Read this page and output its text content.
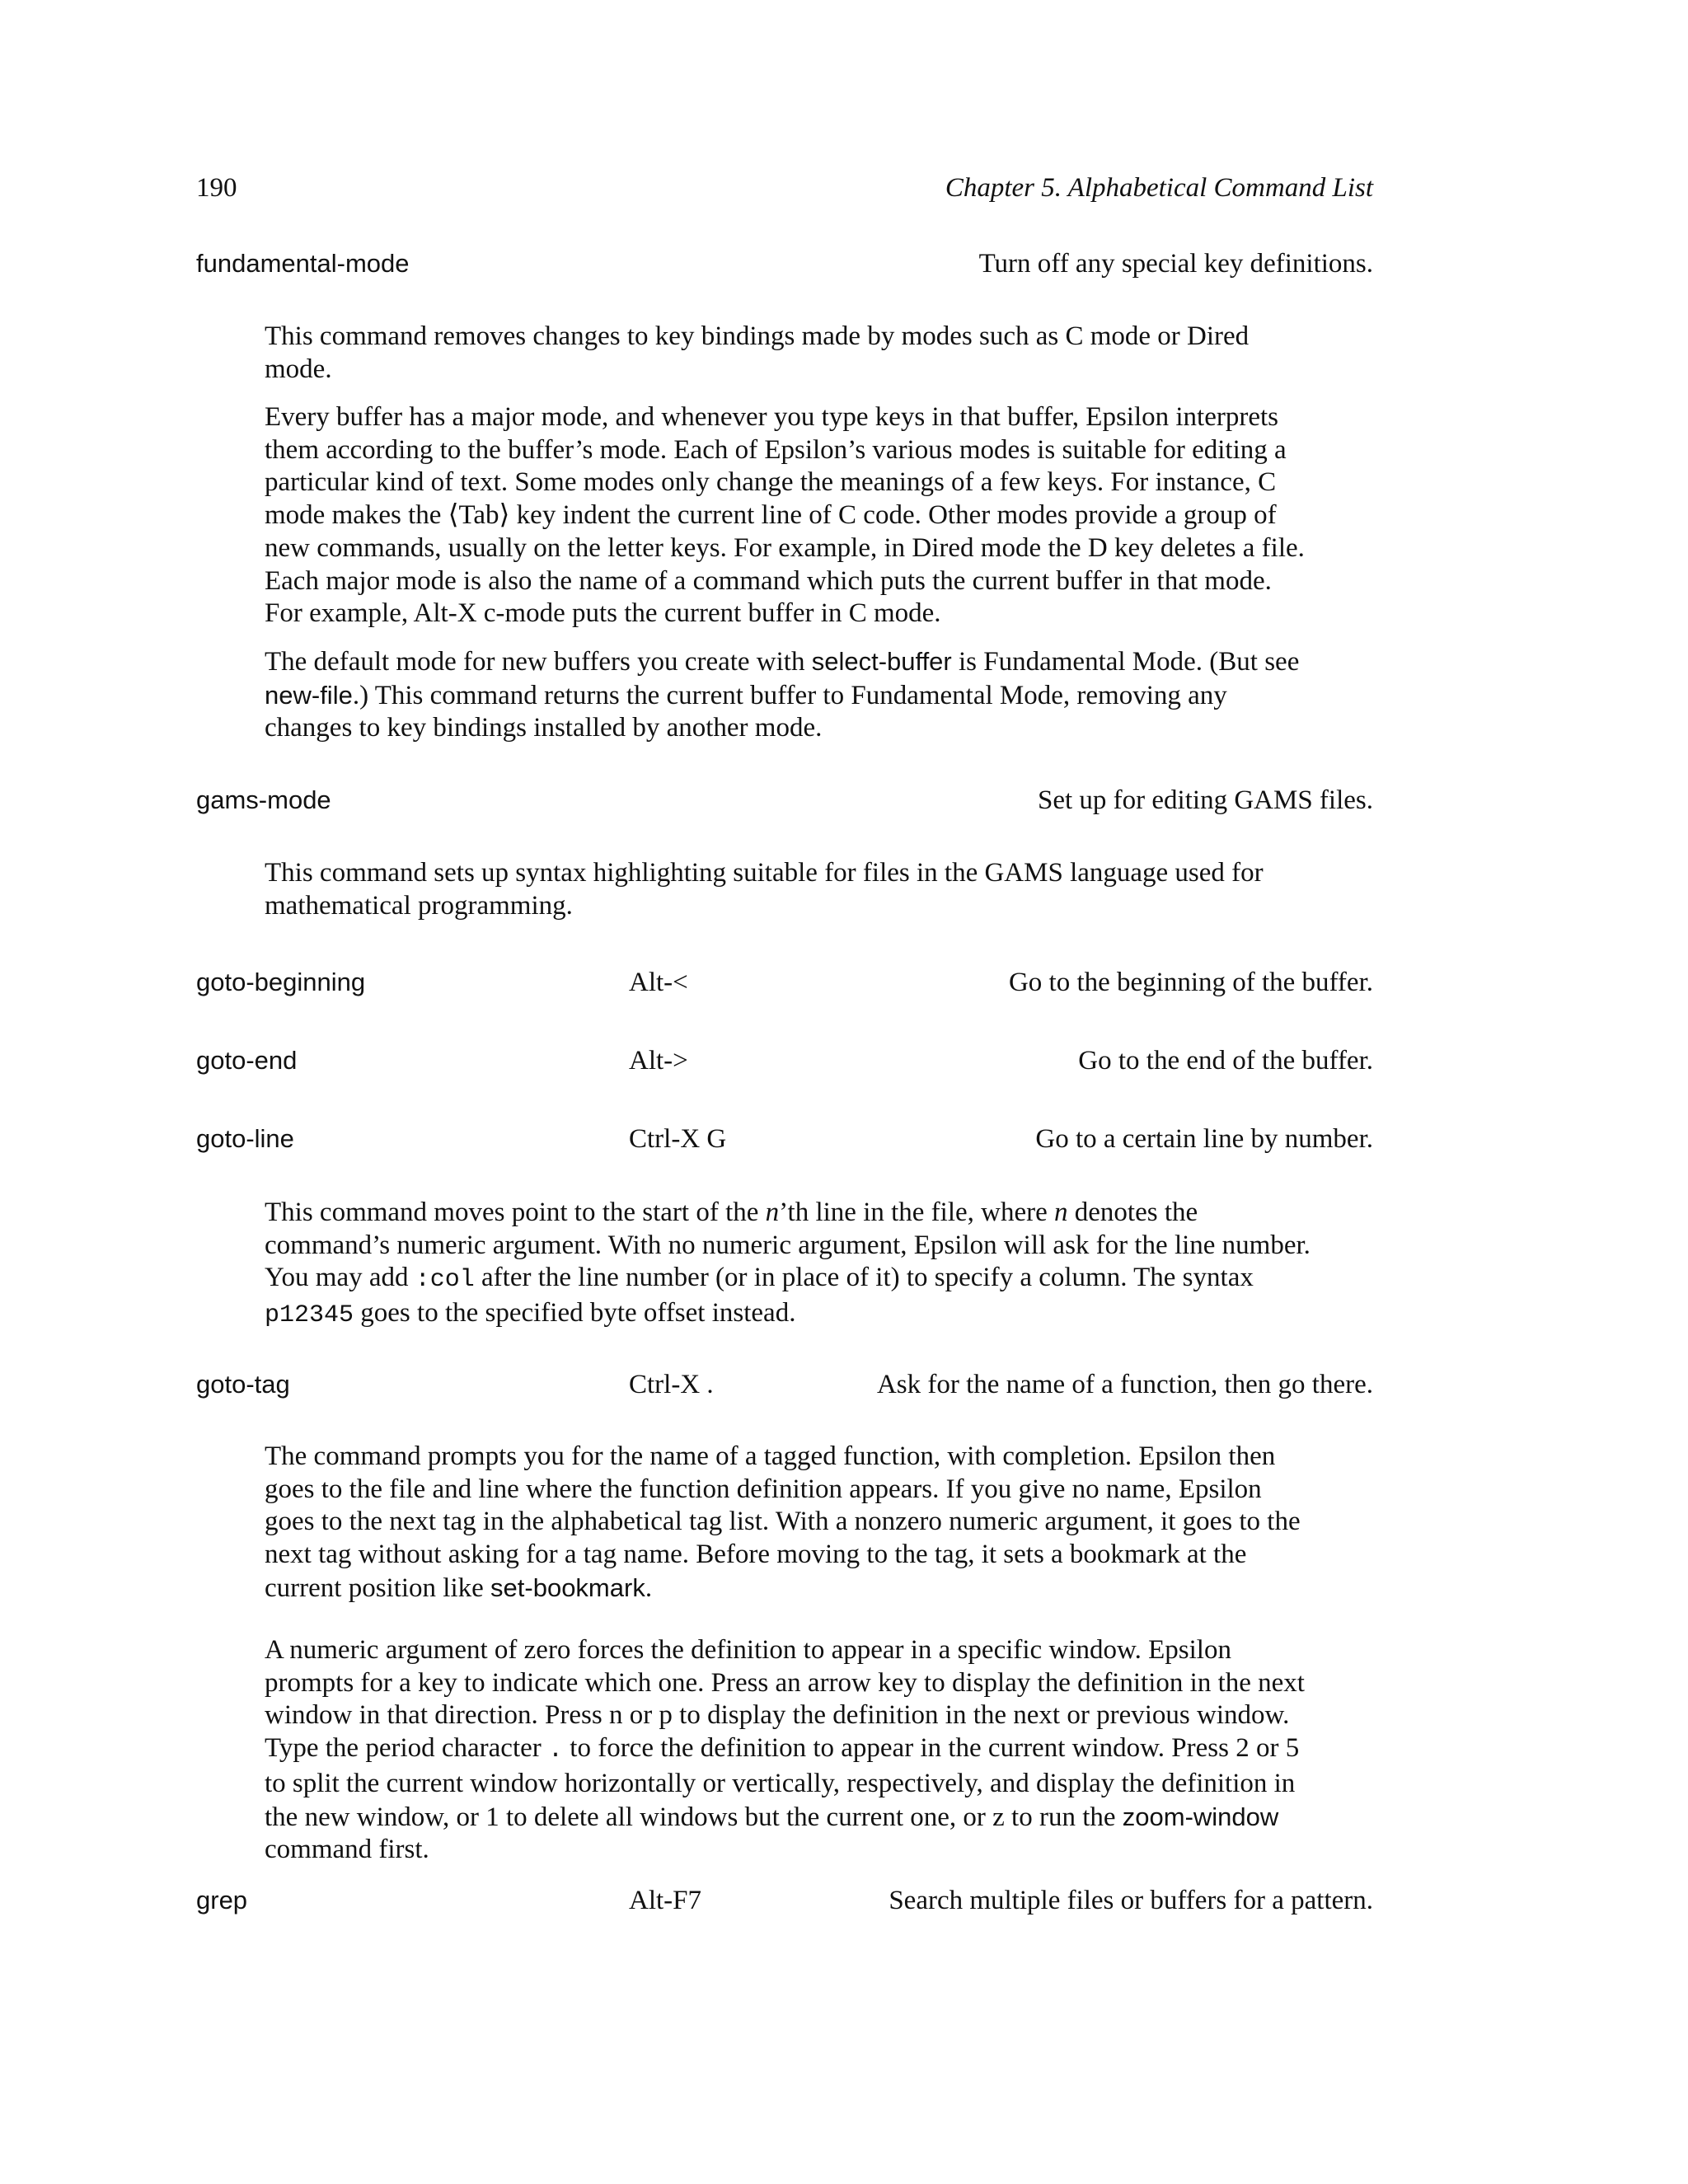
190	Chapter 5. Alphabetical Command List
fundamental-mode	Turn off any special key definitions.

This command removes changes to key bindings made by modes such as C mode or Dired mode.

Every buffer has a major mode, and whenever you type keys in that buffer, Epsilon interprets them according to the buffer’s mode. Each of Epsilon’s various modes is suitable for editing a particular kind of text. Some modes only change the meanings of a few keys. For instance, C mode makes the ⟨Tab⟩ key indent the current line of C code. Other modes provide a group of new commands, usually on the letter keys. For example, in Dired mode the D key deletes a file. Each major mode is also the name of a command which puts the current buffer in that mode. For example, Alt-X c-mode puts the current buffer in C mode.

The default mode for new buffers you create with select-buffer is Fundamental Mode. (But see new-file.) This command returns the current buffer to Fundamental Mode, removing any changes to key bindings installed by another mode.

gams-mode	Set up for editing GAMS files.

This command sets up syntax highlighting suitable for files in the GAMS language used for mathematical programming.

goto-beginning	Alt-<	Go to the beginning of the buffer.
goto-end	Alt->	Go to the end of the buffer.
goto-line	Ctrl-X G	Go to a certain line by number.

This command moves point to the start of the n’th line in the file, where n denotes the command’s numeric argument. With no numeric argument, Epsilon will ask for the line number. You may add :col after the line number (or in place of it) to specify a column. The syntax p12345 goes to the specified byte offset instead.

goto-tag	Ctrl-X .	Ask for the name of a function, then go there.

The command prompts you for the name of a tagged function, with completion. Epsilon then goes to the file and line where the function definition appears. If you give no name, Epsilon goes to the next tag in the alphabetical tag list. With a nonzero numeric argument, it goes to the next tag without asking for a tag name. Before moving to the tag, it sets a bookmark at the current position like set-bookmark.

A numeric argument of zero forces the definition to appear in a specific window. Epsilon prompts for a key to indicate which one. Press an arrow key to display the definition in the next window in that direction. Press n or p to display the definition in the next or previous window. Type the period character . to force the definition to appear in the current window. Press 2 or 5 to split the current window horizontally or vertically, respectively, and display the definition in the new window, or 1 to delete all windows but the current one, or z to run the zoom-window command first.

grep	Alt-F7	Search multiple files or buffers for a pattern.
